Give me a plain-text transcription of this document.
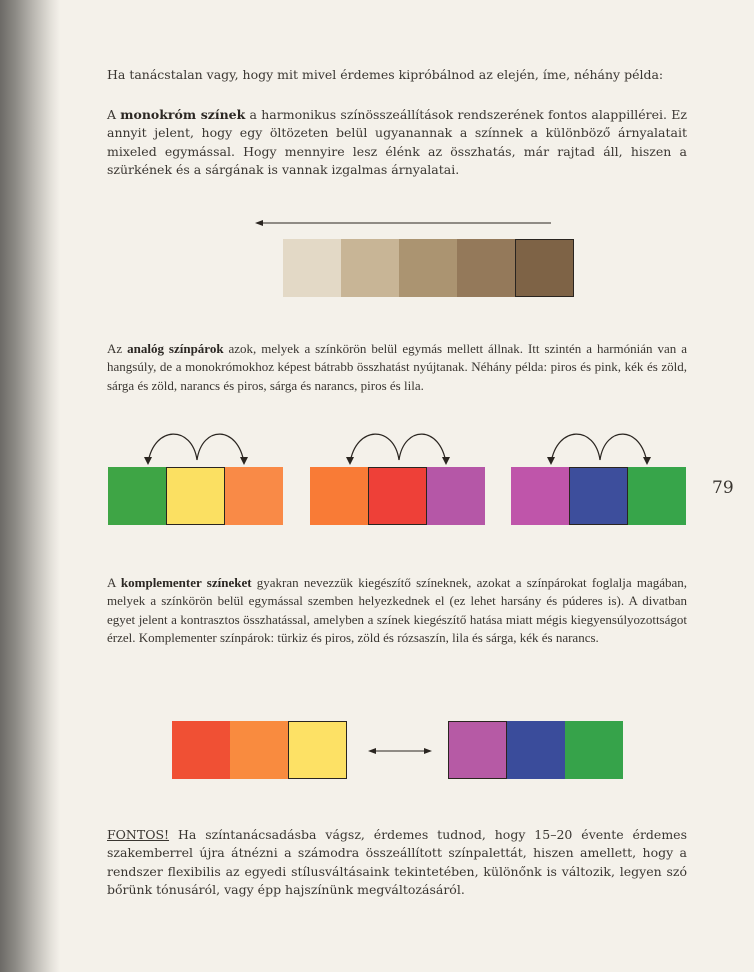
Ha tanácstalan vagy, hogy mit mivel érdemes kipróbálnod az elején, íme, néhány példa:
A monokróm színek a harmonikus színösszeállítások rendszerének fontos alappillérei. Ez annyit jelent, hogy egy öltözeten belül ugyanannak a színnek a különböző árnyalatait mixeled egymással. Hogy mennyire lesz élénk az összhatás, már rajtad áll, hiszen a szürkének és a sárgának is vannak izgalmas árnyalatai.
Az analóg színpárok azok, melyek a színkörön belül egymás mellett állnak. Itt szintén a harmónián van a hangsúly, de a monokrómokhoz képest bátrabb összhatást nyújtanak. Néhány példa: piros és pink, kék és zöld, sárga és zöld, narancs és piros, sárga és narancs, piros és lila.
79
A komplementer színeket gyakran nevezzük kiegészítő színeknek, azokat a színpárokat foglalja magában, melyek a színkörön belül egymással szemben helyezkednek el (ez lehet harsány és púderes is). A divatban egyet jelent a kontrasztos összhatással, amelyben a színek kiegészítő hatása miatt mégis kiegyensúlyozottságot érzel. Komplementer színpárok: türkiz és piros, zöld és rózsaszín, lila és sárga, kék és narancs.
FONTOS! Ha színtanácsadásba vágsz, érdemes tudnod, hogy 15–20 évente érdemes szakemberrel újra átnézni a számodra összeállított színpalettát, hiszen amellett, hogy a rendszer flexibilis az egyedi stílusváltásaink tekintetében, különőnk is változik, legyen szó bőrünk tónusáról, vagy épp hajszínünk megváltozásáról.
